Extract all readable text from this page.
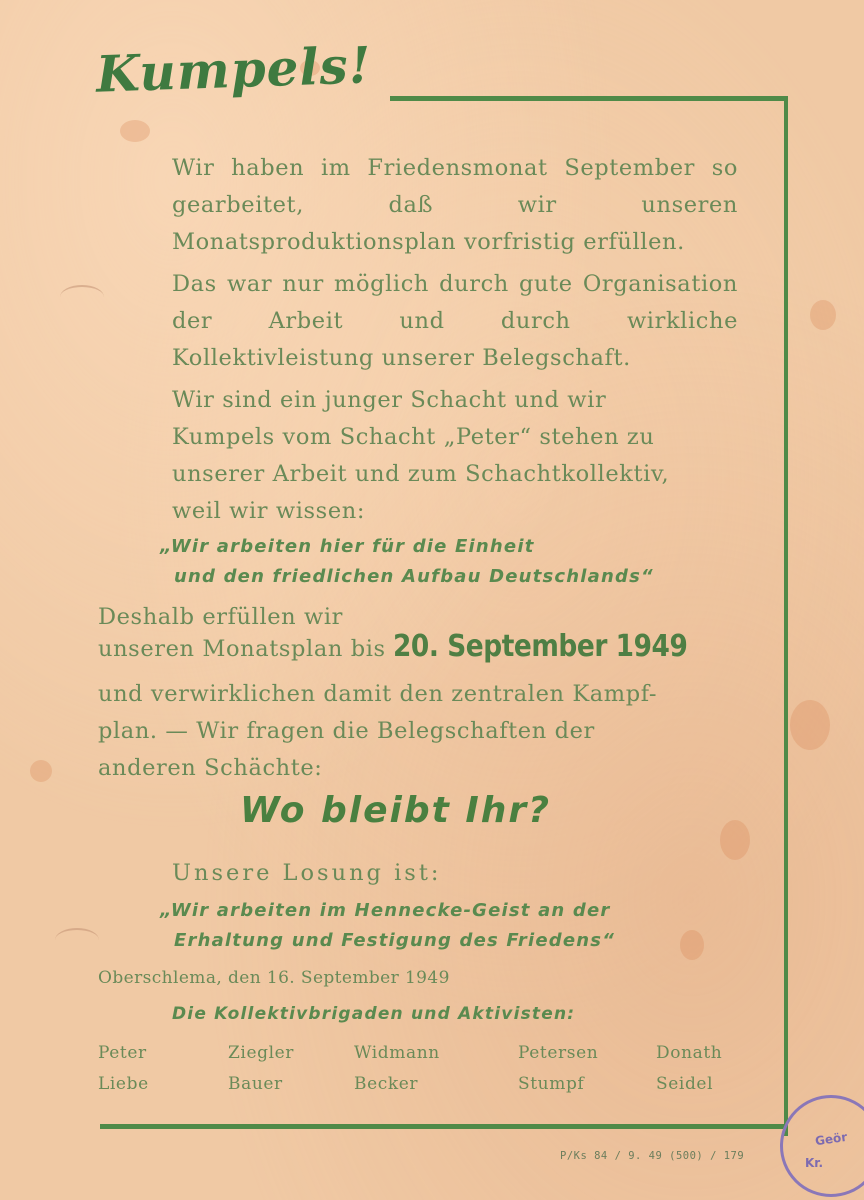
Kumpels!
Wir haben im Friedensmonat September so gearbeitet, daß wir unseren Monatsproduktionsplan vorfristig erfüllen.
Das war nur möglich durch gute Organisation der Arbeit und durch wirkliche Kollektivleistung unserer Belegschaft.
Wir sind ein junger Schacht und wir
Kumpels vom Schacht „Peter“ stehen zu
unserer Arbeit und zum Schachtkollektiv,
weil wir wissen:
„Wir arbeiten hier für die Einheit
und den friedlichen Aufbau Deutschlands“
Deshalb erfüllen wir
unseren Monatsplan bis 20. September 1949
und verwirklichen damit den zentralen Kampf-
plan. — Wir fragen die Belegschaften der
anderen Schächte:
Wo bleibt Ihr?
Unsere Losung ist:
„Wir arbeiten im Hennecke-Geist an der
Erhaltung und Festigung des Friedens“
Oberschlema, den 16. September 1949
Die Kollektivbrigaden und Aktivisten:
Peter	Ziegler	Widmann	Petersen	Donath
Liebe	Bauer	Becker	Stumpf	Seidel
P/Ks 84 / 9. 49 (500) / 179
Geör
Kr.
